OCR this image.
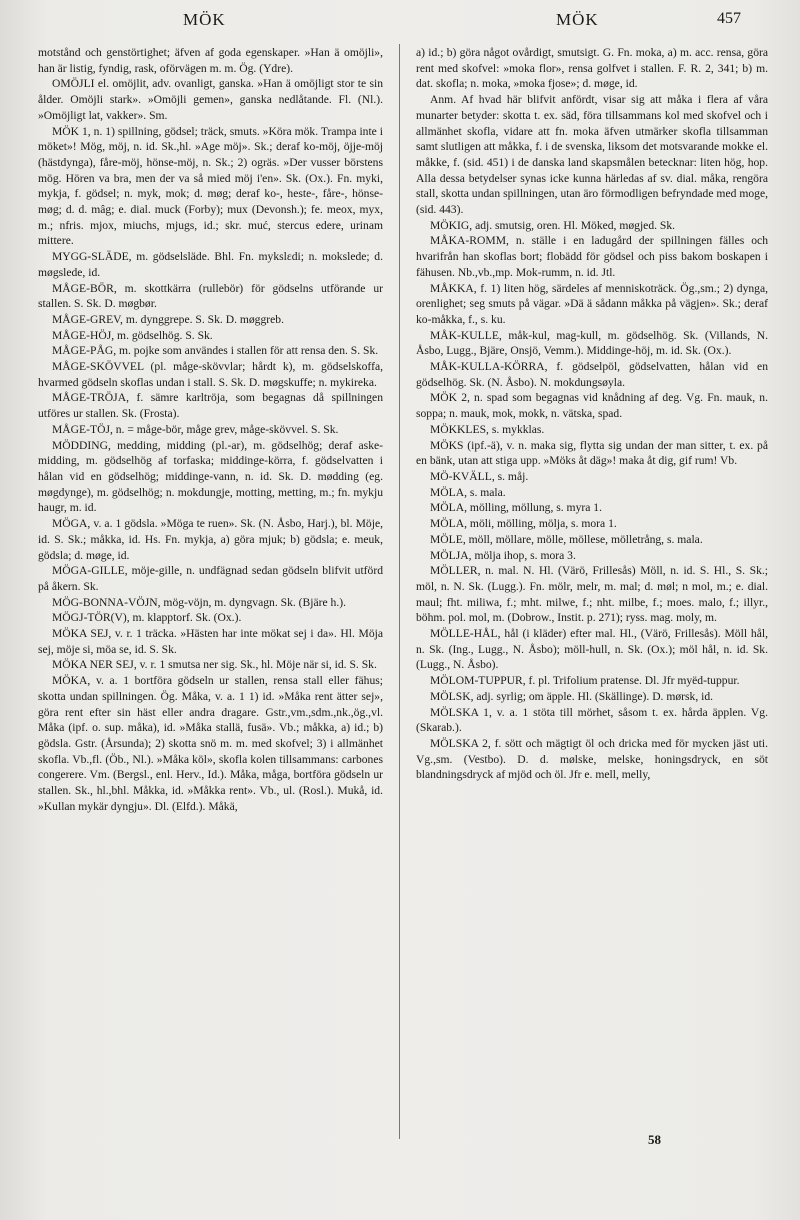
MÖK	MÖK	457

motstånd och genstörtighet; äfven af goda egenskaper. »Han ä omöjli», han är listig, fyndig, rask, oförvägen m. m. Ög. (Ydre).

OMÖJLI el. omöjlit, adv. ovanligt, ganska. »Han ä omöjligt stor te sin ålder. Omöjli stark». »Omöjli gemen», ganska nedlåtande. Fl. (Nl.). »Omöjligt lat, vakker». Sm.

MÖK 1, n. 1) spillning, gödsel; träck, smuts. »Köra mök. Trampa inte i möket»! Mög, möj, n. id. Sk.,hl. »Age möj». Sk.; deraf ko-möj, öjje-möj (hästdynga), fåre-möj, hönse-möj, n. Sk.; 2) ogräs. »Der vusser börstens mög. Hören va bra, men der va så mied möj i'en». Sk. (Ox.). Fn. myki, mykja, f. gödsel; n. myk, mok; d. møg; deraf ko-, heste-, fåre-, hönse-møg; d. d. mâg; e. dial. muck (Forby); mux (Devonsh.); fe. meox, myx, m.; nfris. mjox, miuchs, mjugs, id.; skr. muć, stercus edere, urinam mittere.

MYGG-SLÄDE, m. gödselsläde. Bhl. Fn. mykslεdi; n. mokslede; d. møgslede, id.

MÅGE-BÖR, m. skottkärra (rullebör) för gödselns utförande ur stallen. S. Sk. D. møgbør.

MÅGE-GREV, m. dynggrepe. S. Sk. D. møggreb.

MÅGE-HÖJ, m. gödselhög. S. Sk.

MÅGE-PÅG, m. pojke som användes i stallen för att rensa den. S. Sk.

MÅGE-SKÖVVEL (pl. måge-skövvlar; hårdt k), m. gödselskoffa, hvarmed gödseln skoflas undan i stall. S. Sk. D. møgskuffe; n. mykireka.

MÅGE-TRÖJA, f. sämre karltröja, som begagnas då spillningen utföres ur stallen. Sk. (Frosta).

MÅGE-TÖJ, n. = måge-bör, måge grev, måge-skövvel. S. Sk.

MÖDDING, medding, midding (pl.-ar), m. gödselhög; deraf aske-midding, m. gödselhög af torfaska; middinge-körra, f. gödselvatten i hålan vid en gödselhög; middinge-vann, n. id. Sk. D. mødding (eg. møgdynge), m. gödselhög; n. mokdungje, motting, metting, m.; fn. mykju haugr, m. id.

MÖGA, v. a. 1 gödsla. »Möga te ruen». Sk. (N. Åsbo, Harj.), bl. Möje, id. S. Sk.; måkka, id. Hs. Fn. mykja, a) göra mjuk; b) gödsla; e. meuk, gödsla; d. møge, id.

MÖGA-GILLE, möje-gille, n. undfägnad sedan gödseln blifvit utförd på åkern. Sk.

MÖG-BONNA-VÖJN, mög-vöjn, m. dyngvagn. Sk. (Bjäre h.).

MÖGJ-TÖR(V), m. klapptorf. Sk. (Ox.).

MÖKA SEJ, v. r. 1 träcka. »Hästen har inte mökat sej i da». Hl. Möja sej, möje si, möa se, id. S. Sk.

MÖKA NER SEJ, v. r. 1 smutsa ner sig. Sk., hl. Möje när si, id. S. Sk.

MÖKA, v. a. 1 bortföra gödseln ur stallen, rensa stall eller fähus; skotta undan spillningen. Ög. Måka, v. a. 1 1) id. »Måka rent ätter sej», göra rent efter sin häst eller andra dragare. Gstr.,vm.,sdm.,nk.,ög.,vl. Måka (ipf. o. sup. måka), id. »Måka stallä, fusä». Vb.; måkka, a) id.; b) gödsla. Gstr. (Årsunda); 2) skotta snö m. m. med skofvel; 3) i allmänhet skofla. Vb.,fl. (Öb., Nl.). »Måka köl», skofla kolen tillsammans: carbones congerere. Vm. (Bergsl., enl. Herv., Id.). Måka, måga, bortföra gödseln ur stallen. Sk., hl.,bhl. Måkka, id. »Måkka rent». Vb., ul. (Rosl.). Mukå, id. »Kullan mykär dyngju». Dl. (Elfd.). Måkä,

a) id.; b) göra något ovårdigt, smutsigt. G. Fn. moka, a) m. acc. rensa, göra rent med skofvel: »moka flor», rensa golfvet i stallen. F. R. 2, 341; b) m. dat. skofla; n. moka, »moka fjose»; d. møge, id.

Anm. Af hvad här blifvit anfördt, visar sig att måka i flera af våra munarter betyder: skotta t. ex. säd, föra tillsammans kol med skofvel och i allmänhet skofla, vidare att fn. moka äfven utmärker skofla tillsamman samt slutligen att måkka, f. i de svenska, liksom det motsvarande mokke el. måkke, f. (sid. 451) i de danska land skapsmålen betecknar: liten hög, hop. Alla dessa betydelser synas icke kunna härledas af sv. dial. måka, rengöra stall, skotta undan spillningen, utan äro förmodligen befryndade med moge, (sid. 443).

MÖKIG, adj. smutsig, oren. Hl. Möked, møgjed. Sk.

MÅKA-ROMM, n. ställe i en ladugård der spillningen fälles och hvarifrån han skoflas bort; flobädd för gödsel och piss bakom boskapen i fähusen. Nb.,vb.,mp. Mok-rumm, n. id. Jtl.

MÅKKA, f. 1) liten hög, särdeles af menniskoträck. Ög.,sm.; 2) dynga, orenlighet; seg smuts på vägar. »Dä ä sådann måkka på vägjen». Sk.; deraf ko-måkka, f., s. ku.

MÅK-KULLE, måk-kul, mag-kull, m. gödselhög. Sk. (Villands, N. Åsbo, Lugg., Bjäre, Onsjö, Vemm.). Middinge-höj, m. id. Sk. (Ox.).

MÅK-KULLA-KÖRRA, f. gödselpöl, gödselvatten, hålan vid en gödselhög. Sk. (N. Åsbo). N. mokdungsøyla.

MÖK 2, n. spad som begagnas vid knådning af deg. Vg. Fn. mauk, n. soppa; n. mauk, mok, mokk, n. vätska, spad.

MÖKKLES, s. mykklas.

MÖKS (ipf.-ä), v. n. maka sig, flytta sig undan der man sitter, t. ex. på en bänk, utan att stiga upp. »Möks åt däg»! maka åt dig, gif rum! Vb.

MÖ-KVÄLL, s. måj.

MÖLA, s. mala.

MÖLA, mölling, möllung, s. myra 1.

MÖLA, möli, mölling, mölja, s. mora 1.

MÖLE, möll, möllare, mölle, möllese, mölletrång, s. mala.

MÖLJA, mölja ihop, s. mora 3.

MÖLLER, n. mal. N. Hl. (Värö, Frillesås) Möll, n. id. S. Hl., S. Sk.; möl, n. N. Sk. (Lugg.). Fn. mölr, melr, m. mal; d. møl; n mol, m.; e. dial. maul; fht. miliwa, f.; mht. milwe, f.; nht. milbe, f.; moes. malo, f.; illyr., böhm. pol. mol, m. (Dobrow., Instit. p. 271); ryss. mag. moly, m.

MÖLLE-HÅL, hål (i kläder) efter mal. Hl., (Värö, Frillesås). Möll hål, n. Sk. (Ing., Lugg., N. Åsbo); möll-hull, n. Sk. (Ox.); möl hål, n. id. Sk. (Lugg., N. Åsbo).

MÖLOM-TUPPUR, f. pl. Trifolium pratense. Dl. Jfr myëd-tuppur.

MÖLSK, adj. syrlig; om äpple. Hl. (Skällinge). D. mørsk, id.

MÖLSKA 1, v. a. 1 stöta till mörhet, såsom t. ex. hårda äpplen. Vg. (Skarab.).

MÖLSKA 2, f. sött och mägtigt öl och dricka med för mycken jäst uti. Vg.,sm. (Vestbo). D. d. mølske, melske, honingsdryck, en söt blandningsdryck af mjöd och öl. Jfr e. mell, melly,

58
